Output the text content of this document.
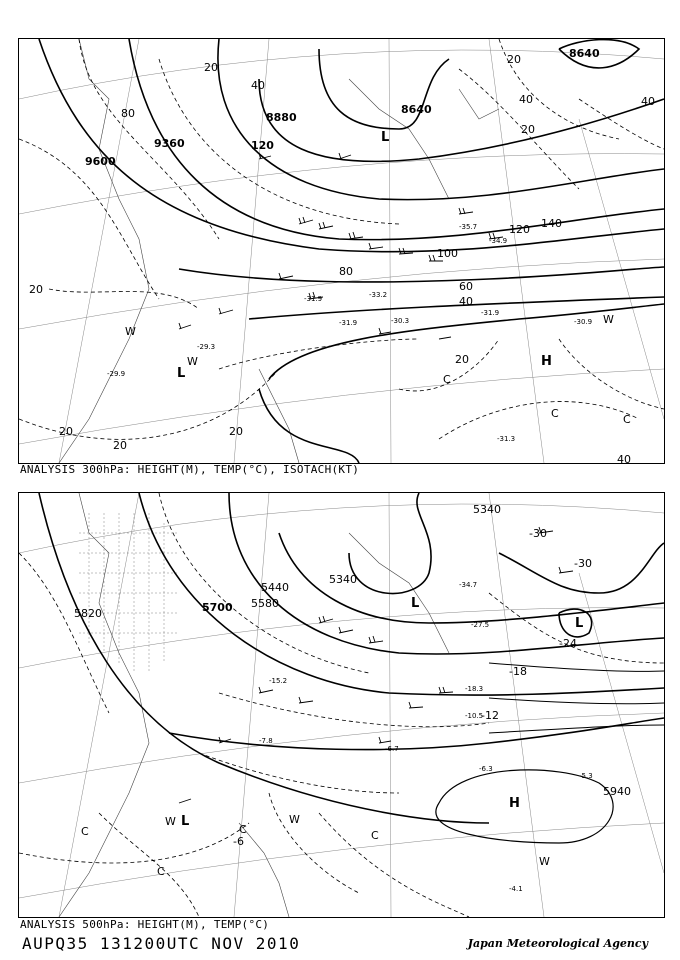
9600
9360
8880
8640
8640
20
40
80
120
140
120
100
80
60
40
20
20
20
20
40
20
40
20
40
20
-31.9
-31.9	-30.3
-31.9
-30.9
-29.9
-31.3
-29.3
-33.2
-34.9
-35.7
L
L
H
W
W
W
C
C	C
ANALYSIS 300hPa: HEIGHT(M), TEMP(°C), ISOTACH(KT)
5820	5700 5580
5440
5340
5340
5940
-30
-30
-24
-18
-12
-6
-34.7
-27.5
-18.3
-10.5
-6.7
-6.3
-5.3
-4.1
-7.8
-15.2
L
L
L
H
W	W
W
C	C	C
C
ANALYSIS 500hPa: HEIGHT(M), TEMP(°C)
AUPQ35 131200UTC NOV 2010	Japan Meteorological Agency
